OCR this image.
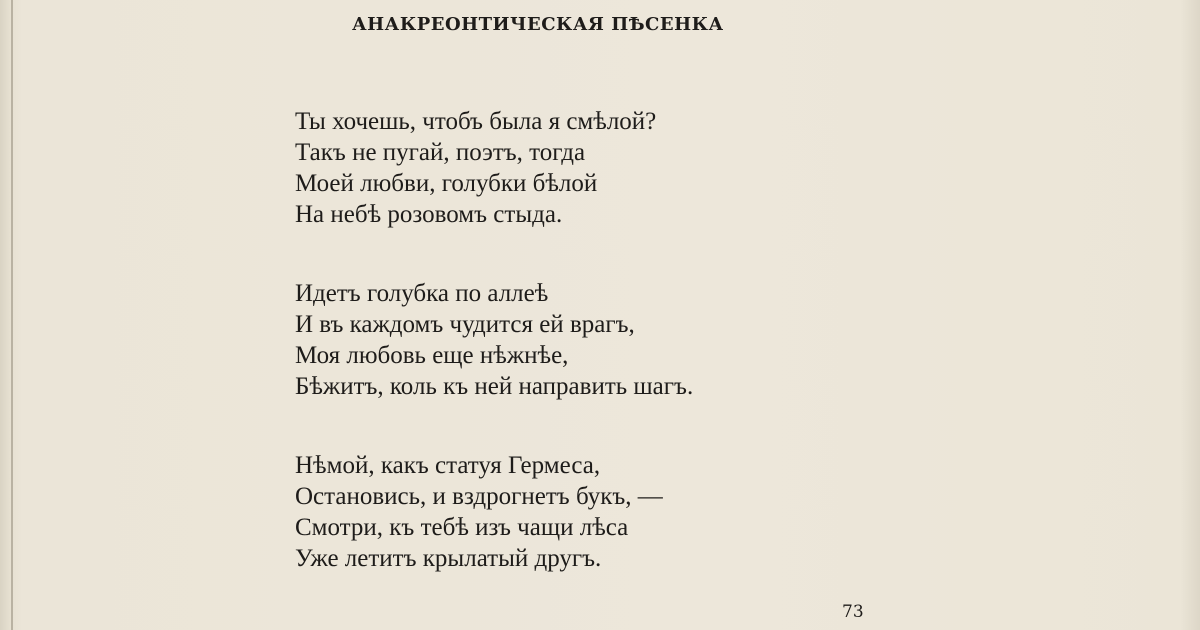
АНАКРЕОНТИЧЕСКАЯ ПѢСЕНКА
Ты хочешь, чтобъ была я смѣлой?
Такъ не пугай, поэтъ, тогда
Моей любви, голубки бѣлой
На небѣ розовомъ стыда.
Идетъ голубка по аллеѣ
И въ каждомъ чудится ей врагъ,
Моя любовь еще нѣжнѣе,
Бѣжитъ, коль къ ней направить шагъ.
Нѣмой, какъ статуя Гермеса,
Остановись, и вздрогнетъ букъ, —
Смотри, къ тебѣ изъ чащи лѣса
Уже летитъ крылатый другъ.
73
